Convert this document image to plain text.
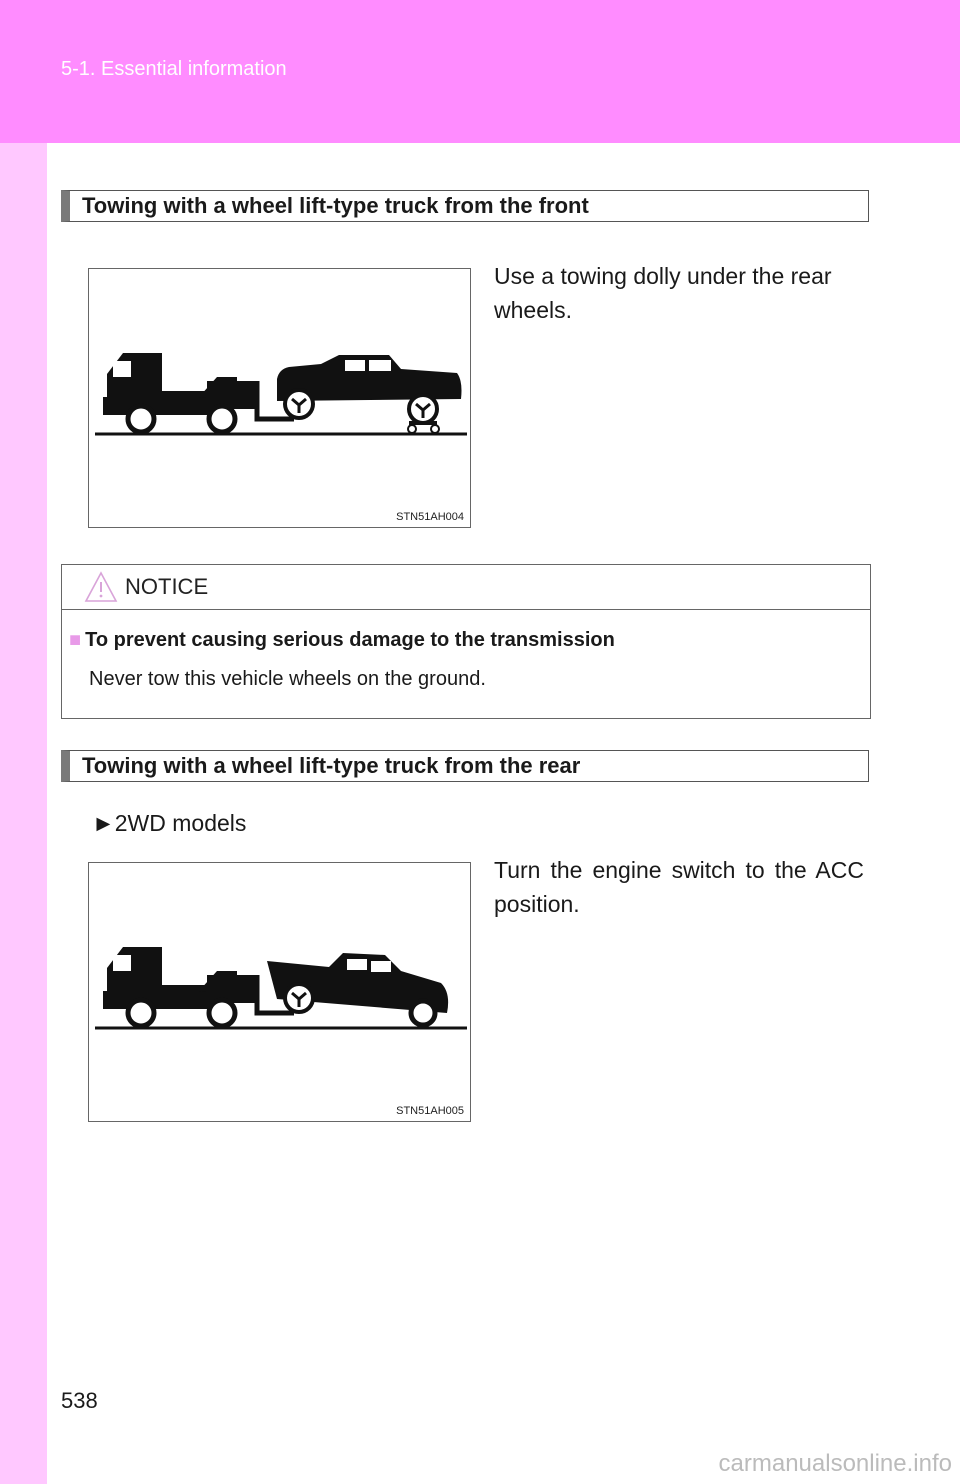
5-1. Essential information
Towing with a wheel lift-type truck from the front
STN51AH004
Use a towing dolly under the rear wheels.
NOTICE
■ To prevent causing serious damage to the transmission
Never tow this vehicle wheels on the ground.
Towing with a wheel lift-type truck from the rear
►2WD models
Turn the engine switch to the ACC position.
STN51AH005
538
carmanualsonline.info
